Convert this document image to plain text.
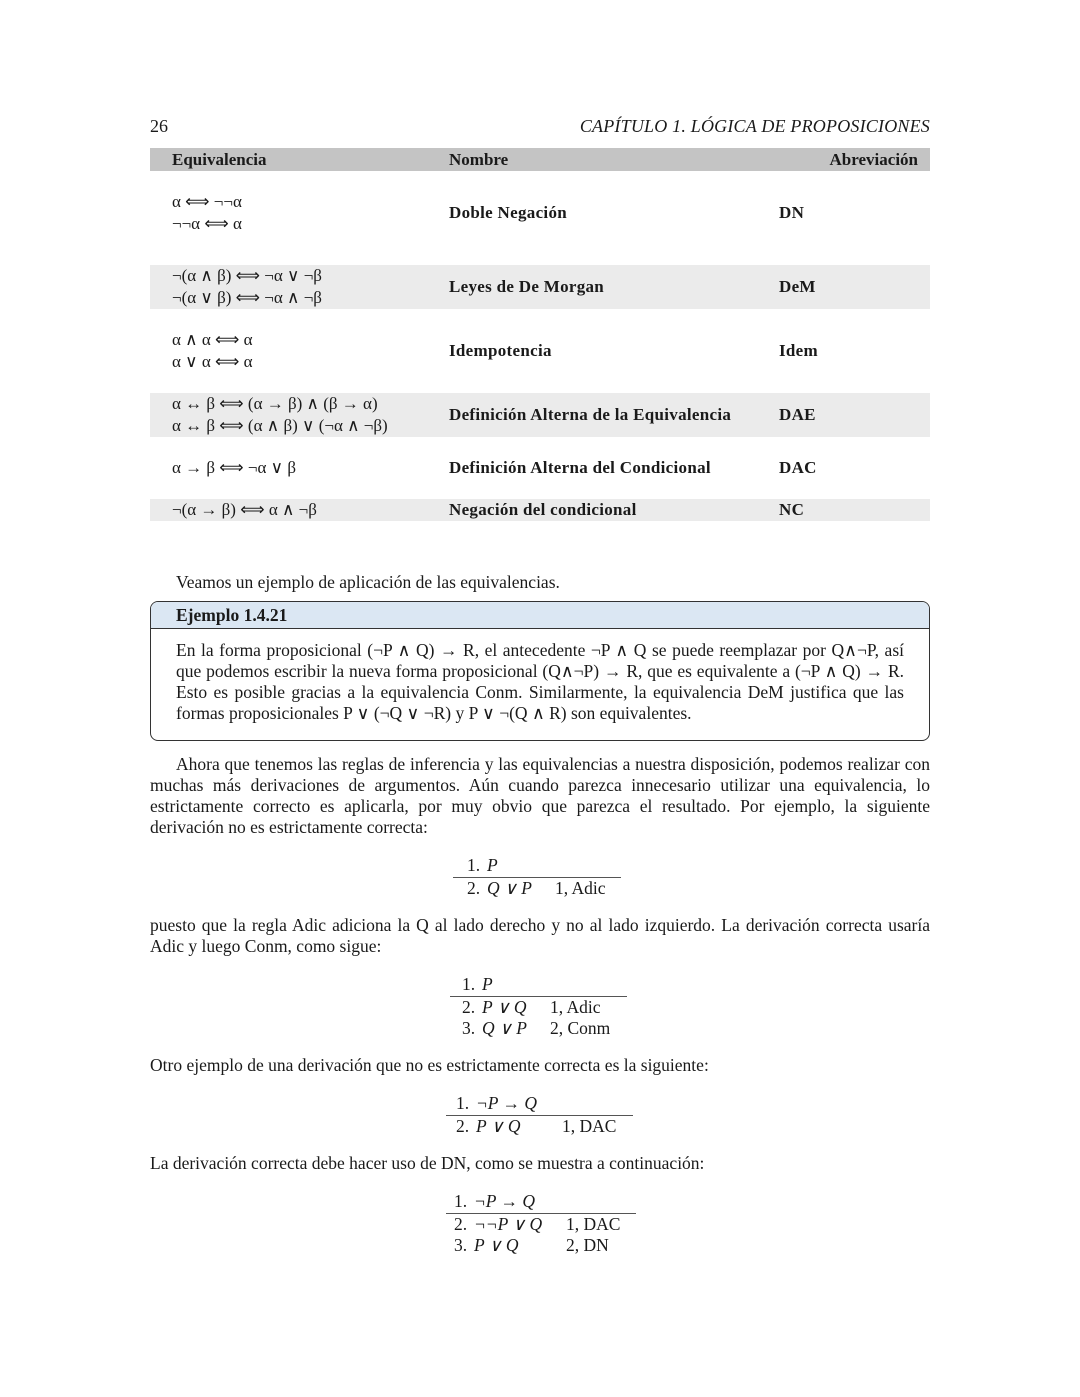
26	CAPÍTULO 1. LÓGICA DE PROPOSICIONES
Equivalencia	Nombre	Abreviación

α ⟺ ¬¬α
¬¬α ⟺ α	Doble Negación	DN

¬(α ∧ β) ⟺ ¬α ∨ ¬β
¬(α ∨ β) ⟺ ¬α ∧ ¬β	Leyes de De Morgan	DeM

α ∧ α ⟺ α
α ∨ α ⟺ α	Idempotencia	Idem

α ↔ β ⟺ (α → β) ∧ (β → α)
α ↔ β ⟺ (α ∧ β) ∨ (¬α ∧ ¬β)	Definición Alterna de la Equivalencia	DAE

α → β ⟺ ¬α ∨ β	Definición Alterna del Condicional	DAC

¬(α → β) ⟺ α ∧ ¬β	Negación del condicional	NC
Veamos un ejemplo de aplicación de las equivalencias.
Ejemplo 1.4.21
En la forma proposicional (¬P ∧ Q) → R, el antecedente ¬P ∧ Q se puede reemplazar por Q∧¬P, así que podemos escribir la nueva forma proposicional (Q∧¬P) → R, que es equivalente a (¬P ∧ Q) → R. Esto es posible gracias a la equivalencia Conm. Similarmente, la equivalencia DeM justifica que las formas proposicionales P ∨ (¬Q ∨ ¬R) y P ∨ ¬(Q ∧ R) son equivalentes.
Ahora que tenemos las reglas de inferencia y las equivalencias a nuestra disposición, podemos realizar con muchas más derivaciones de argumentos. Aún cuando parezca innecesario utilizar una equivalencia, lo estrictamente correcto es aplicarla, por muy obvio que parezca el resultado. Por ejemplo, la siguiente derivación no es estrictamente correcta:
1. P
2. Q ∨ P	1, Adic
puesto que la regla Adic adiciona la Q al lado derecho y no al lado izquierdo. La derivación correcta usaría Adic y luego Conm, como sigue:
1. P
2. P ∨ Q	1, Adic
3. Q ∨ P	2, Conm
Otro ejemplo de una derivación que no es estrictamente correcta es la siguiente:
1. ¬P → Q
2. P ∨ Q	1, DAC
La derivación correcta debe hacer uso de DN, como se muestra a continuación:
1. ¬P → Q
2. ¬¬P ∨ Q	1, DAC
3. P ∨ Q	2, DN
